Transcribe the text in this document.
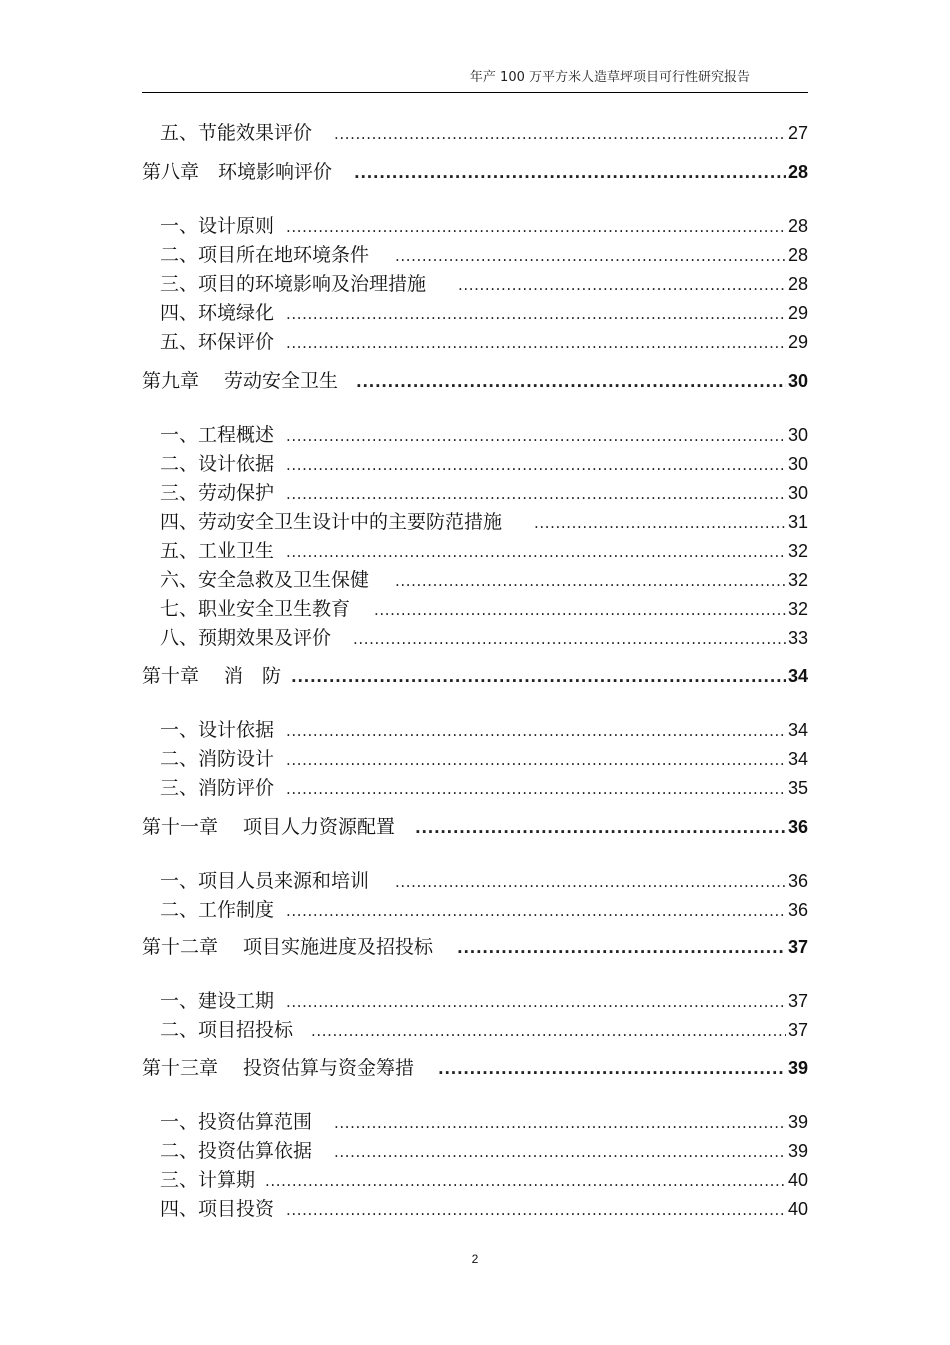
年产 100 万平方米人造草坪项目可行性研究报告
五、节能效果评价 .....	27
第八章　环境影响评价 .....	28
一、设计原则 .....	28
二、项目所在地环境条件 .....	28
三、项目的环境影响及治理措施 .....	28
四、环境绿化 .....	29
五、环保评价 .....	29
第九章　 劳动安全卫生 .....	30
一、工程概述 .....	30
二、设计依据 .....	30
三、劳动保护 .....	30
四、劳动安全卫生设计中的主要防范措施 .....	31
五、工业卫生 .....	32
六、安全急救及卫生保健 .....	32
七、职业安全卫生教育 .....	32
八、预期效果及评价 .....	33
第十章　 消　防 .....	34
一、设计依据 .....	34
二、消防设计 .....	34
三、消防评价 .....	35
第十一章　 项目人力资源配置 .....	36
一、项目人员来源和培训 .....	36
二、工作制度 .....	36
第十二章　 项目实施进度及招投标 .....	37
一、建设工期 .....	37
二、项目招投标 .....	37
第十三章　 投资估算与资金筹措 .....	39
一、投资估算范围 .....	39
二、投资估算依据 .....	39
三、计算期 .....	40
四、项目投资 .....	40
2
